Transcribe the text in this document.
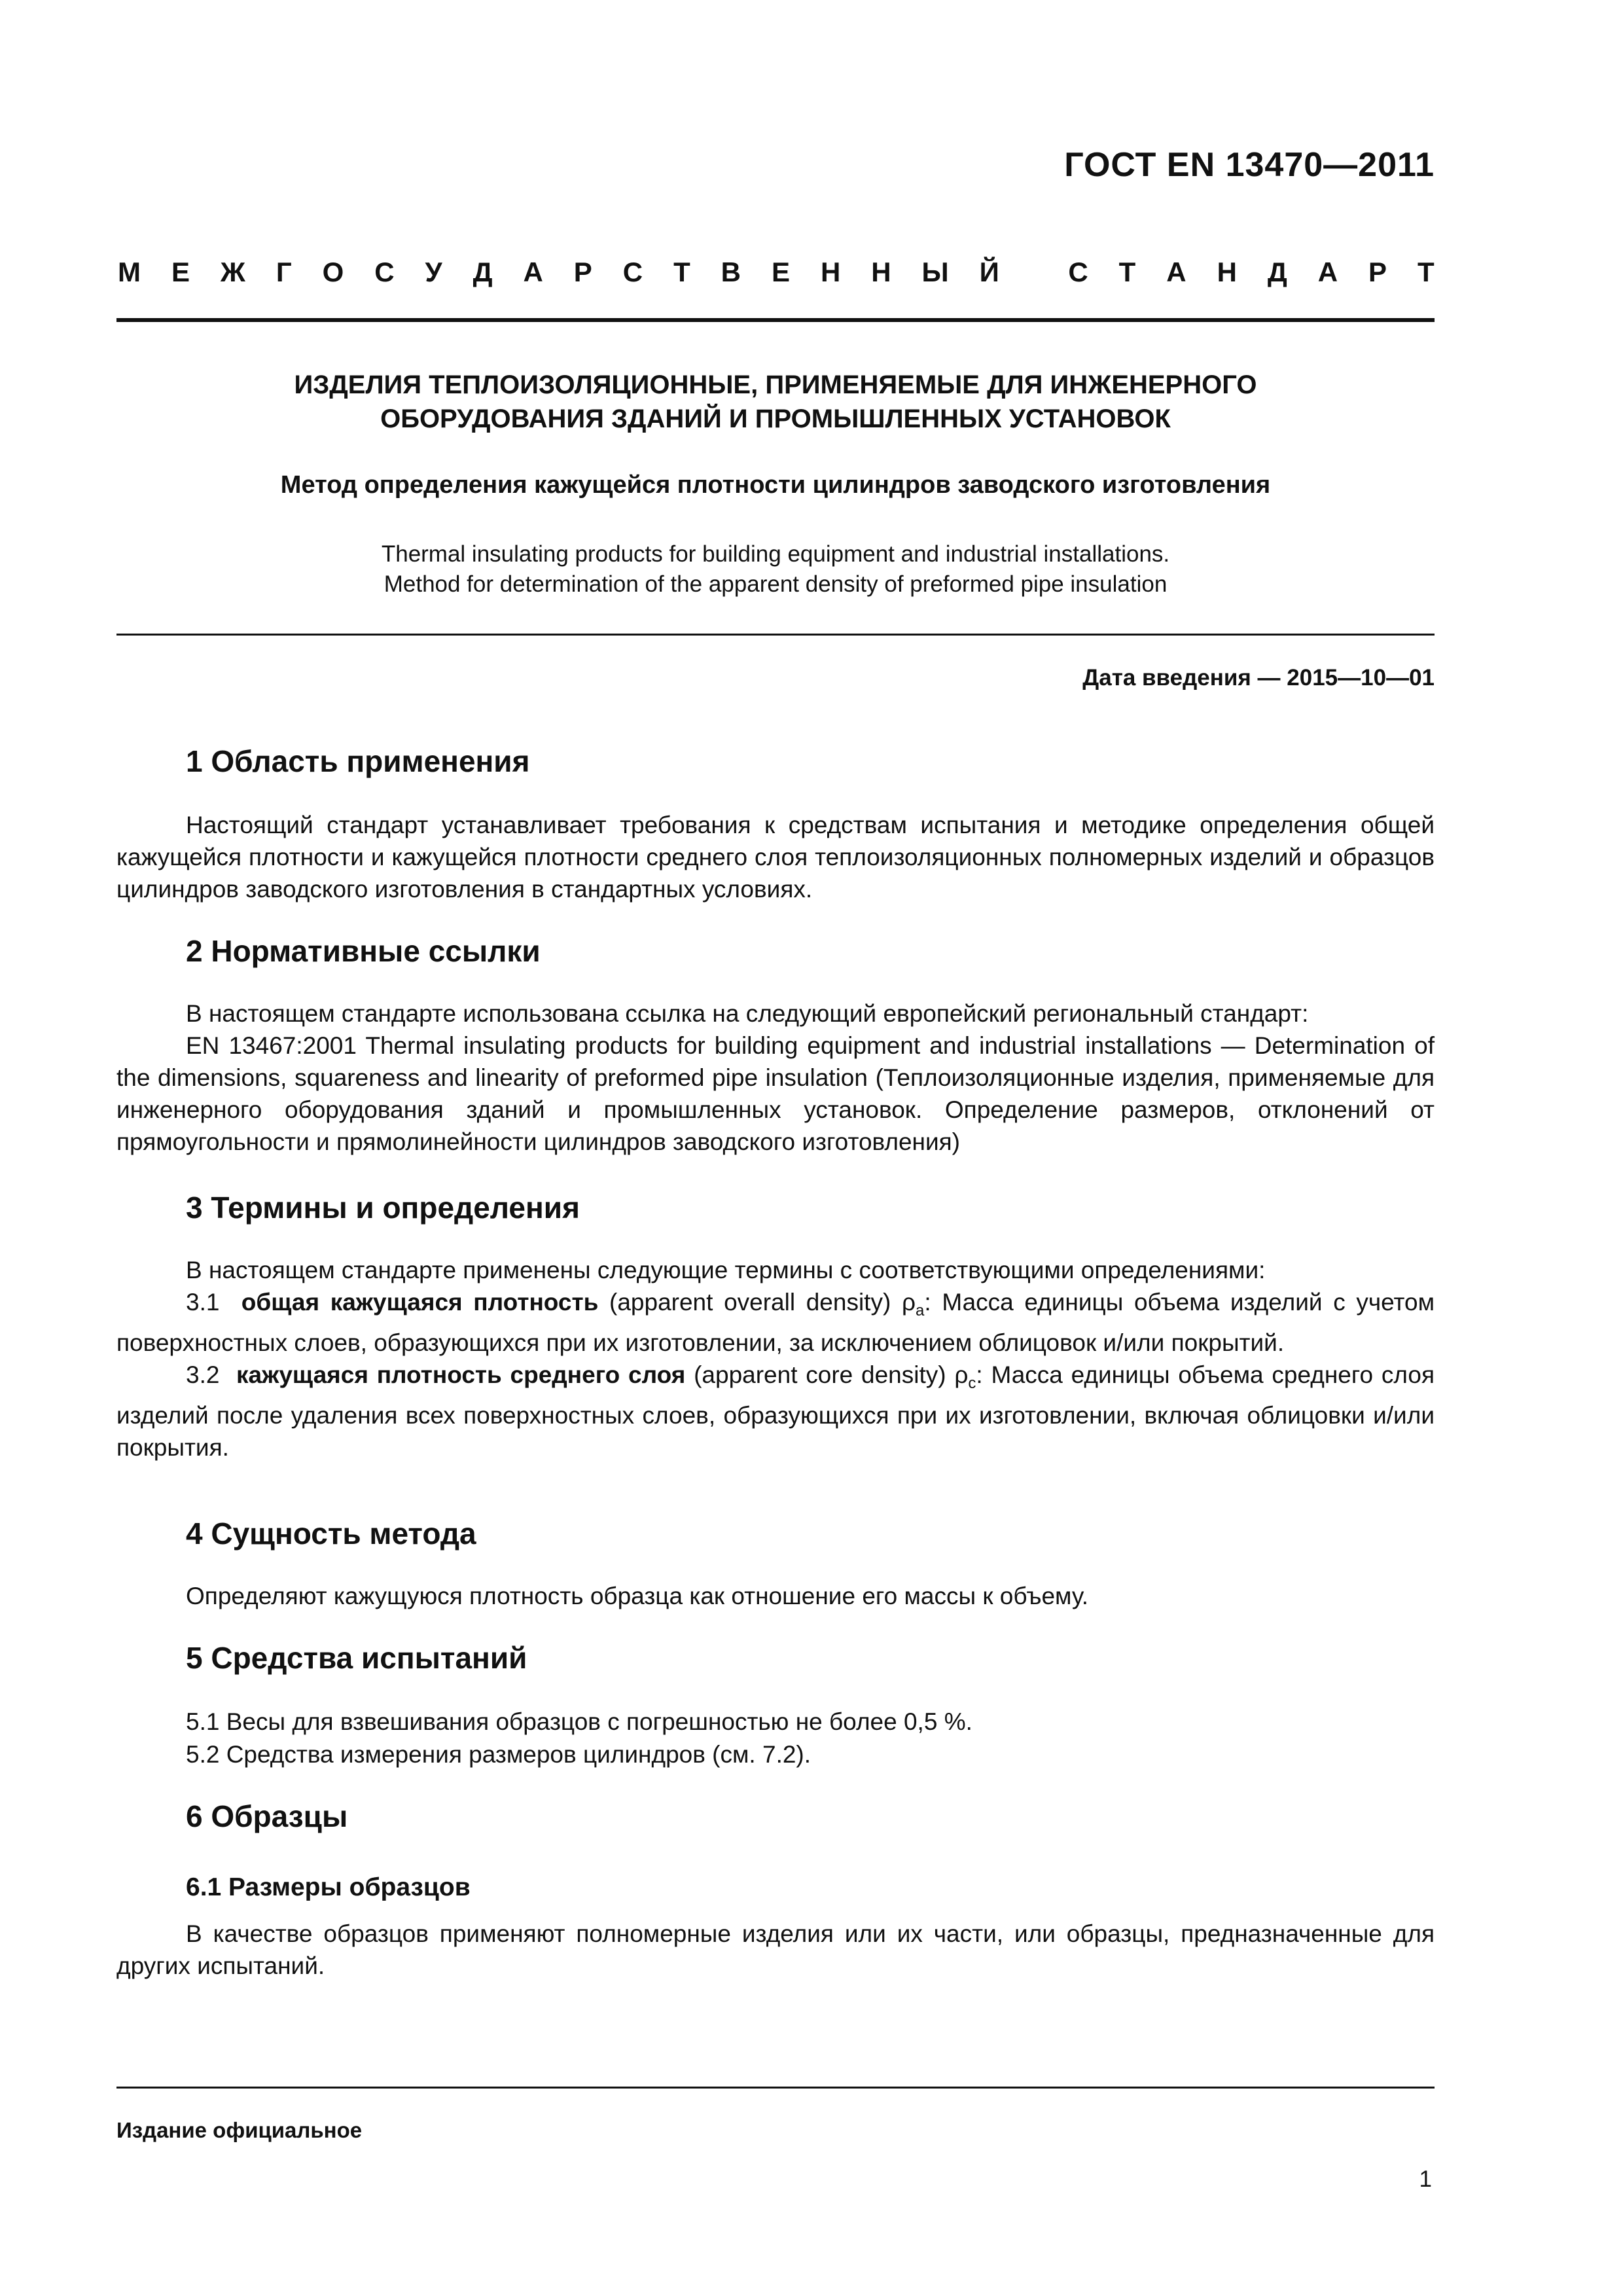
ГОСТ EN 13470—2011
М Е Ж Г О С У Д А Р С Т В Е Н Н Ы Й
	С Т А Н Д А Р Т
ИЗДЕЛИЯ ТЕПЛОИЗОЛЯЦИОННЫЕ, ПРИМЕНЯЕМЫЕ ДЛЯ ИНЖЕНЕРНОГО
ОБОРУДОВАНИЯ ЗДАНИЙ И ПРОМЫШЛЕННЫХ УСТАНОВОК
Метод определения кажущейся плотности цилиндров заводского изготовления
Thermal insulating products for building equipment and industrial installations.
Method for determination of the apparent density of preformed pipe insulation
Дата введения — 2015—10—01
1 Область применения
Настоящий стандарт устанавливает требования к средствам испытания и методике определения общей кажущейся плотности и кажущейся плотности среднего слоя теплоизоляционных полномерных изделий и образцов цилиндров заводского изготовления в стандартных условиях.
2 Нормативные ссылки
В настоящем стандарте использована ссылка на следующий европейский региональный стандарт:
EN 13467:2001 Thermal insulating products for building equipment and industrial installations — Determination of the dimensions, squareness and linearity of preformed pipe insulation (Теплоизоляционные изделия, применяемые для инженерного оборудования зданий и промышленных установок. Определение размеров, отклонений от прямоугольности и прямолинейности цилиндров заводского изготовления)
3 Термины и определения
В настоящем стандарте применены следующие термины с соответствующими определениями:
3.1 общая кажущаяся плотность (apparent overall density) $\rho_a$: Масса единицы объема изделий с учетом поверхностных слоев, образующихся при их изготовлении, за исключением облицовок и/или покрытий.
3.2 кажущаяся плотность среднего слоя (apparent core density) $\rho_c$: Масса единицы объема среднего слоя изделий после удаления всех поверхностных слоев, образующихся при их изготовлении, включая облицовки и/или покрытия.
4 Сущность метода
Определяют кажущуюся плотность образца как отношение его массы к объему.
5 Средства испытаний
5.1 Весы для взвешивания образцов с погрешностью не более 0,5 %.
5.2 Средства измерения размеров цилиндров (см. 7.2).
6 Образцы
6.1 Размеры образцов
В качестве образцов применяют полномерные изделия или их части, или образцы, предназначенные для других испытаний.
Издание официальное
1
